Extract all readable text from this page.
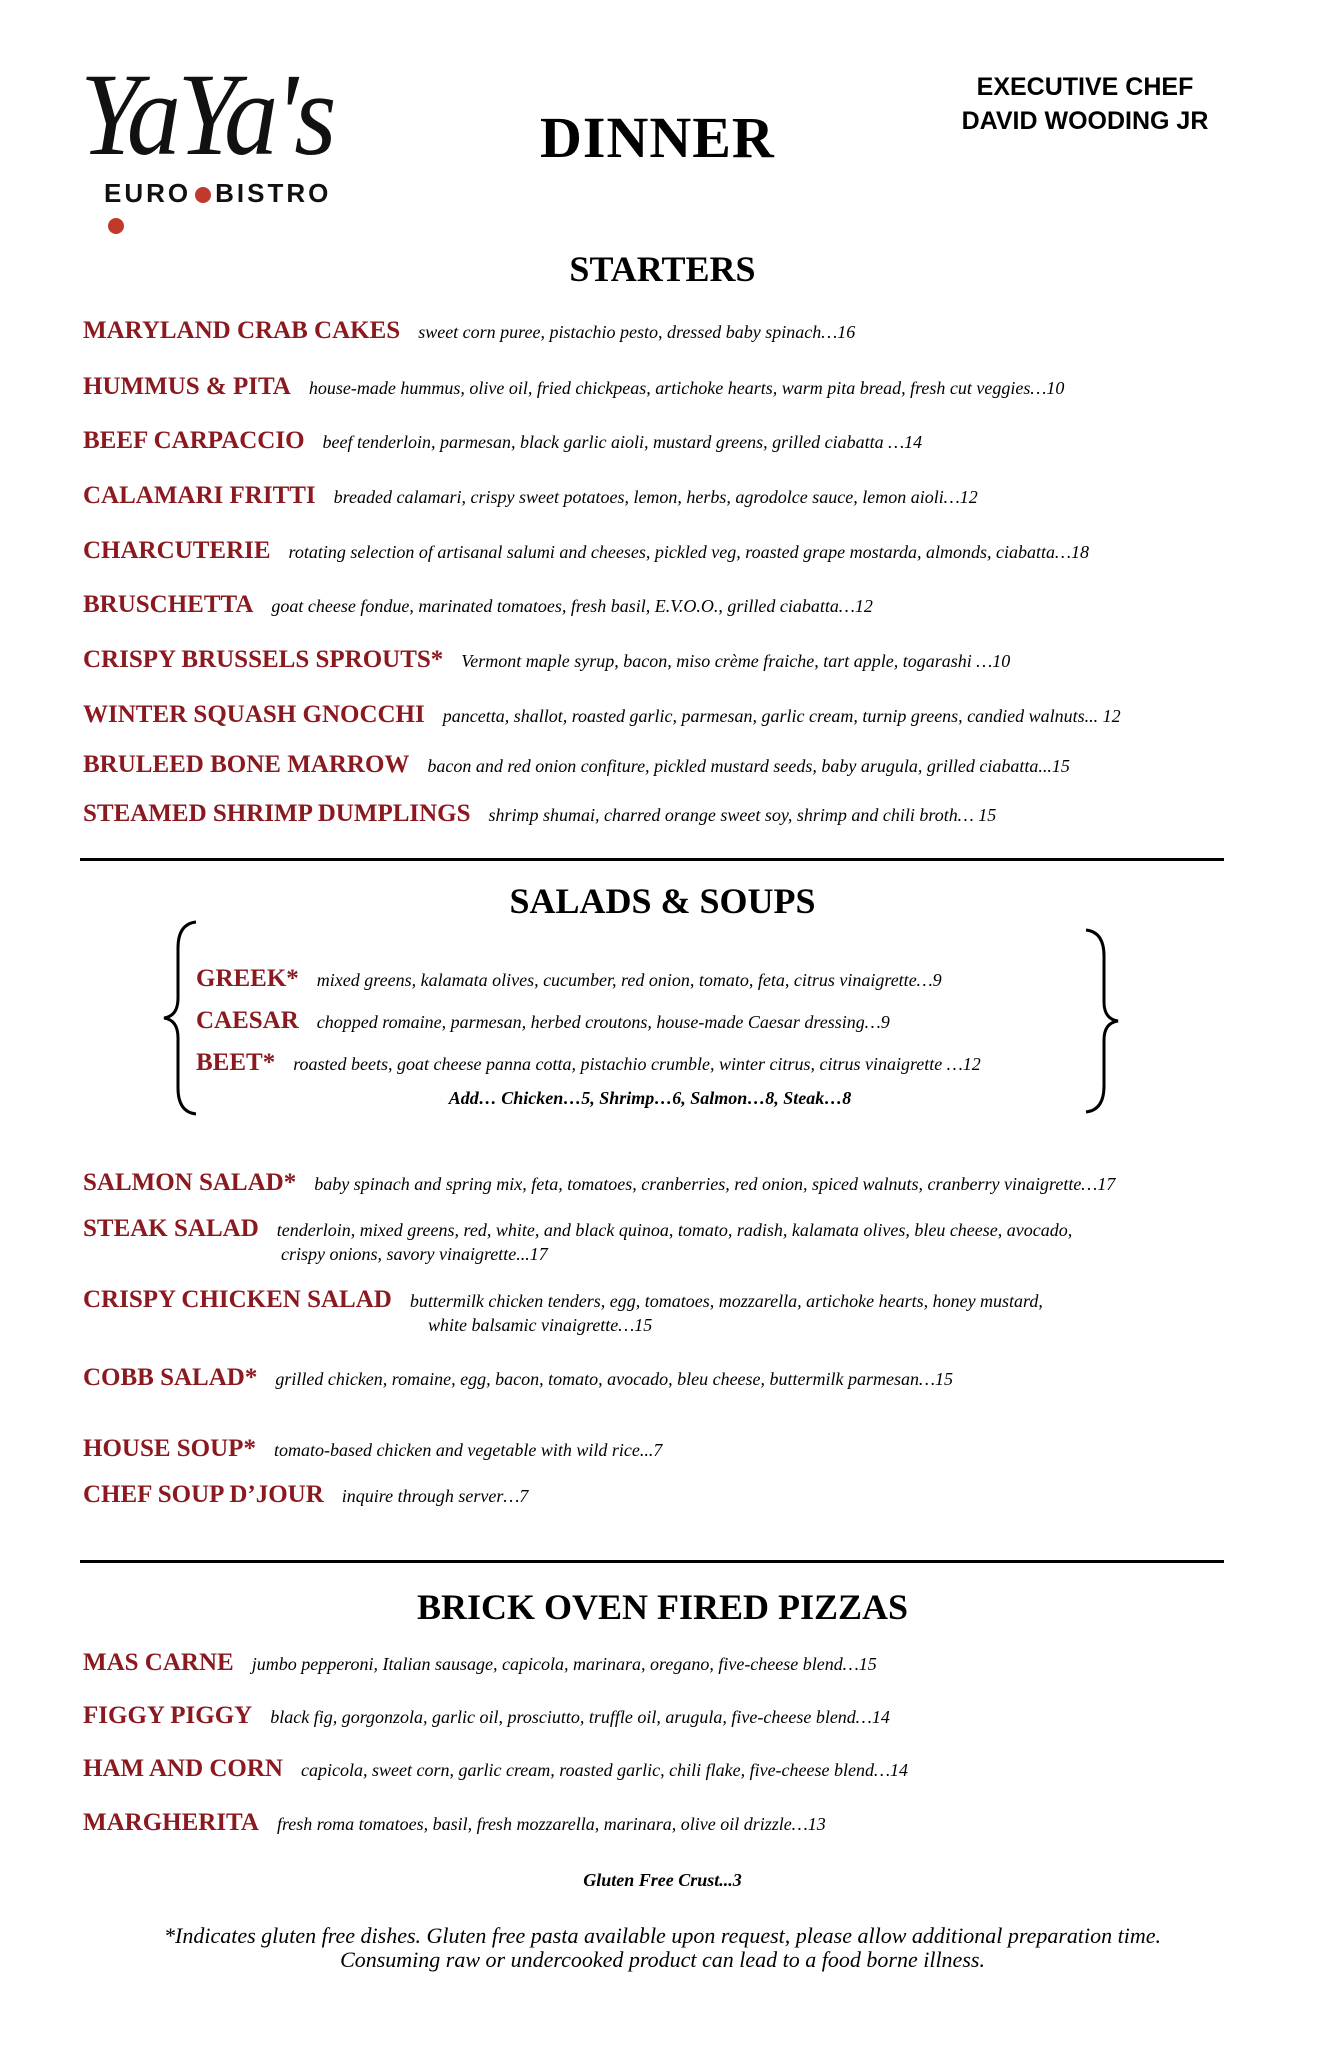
YaYa's
EURO BISTRO
DINNER
EXECUTIVE CHEF
DAVID WOODING JR
STARTERS
MARYLAND CRAB CAKES sweet corn puree, pistachio pesto, dressed baby spinach…16
HUMMUS & PITA house-made hummus, olive oil, fried chickpeas, artichoke hearts, warm pita bread, fresh cut veggies…10
BEEF CARPACCIO beef tenderloin, parmesan, black garlic aioli, mustard greens, grilled ciabatta …14
CALAMARI FRITTI breaded calamari, crispy sweet potatoes, lemon, herbs, agrodolce sauce, lemon aioli…12
CHARCUTERIE rotating selection of artisanal salumi and cheeses, pickled veg, roasted grape mostarda, almonds, ciabatta…18
BRUSCHETTA goat cheese fondue, marinated tomatoes, fresh basil, E.V.O.O., grilled ciabatta…12
CRISPY BRUSSELS SPROUTS* Vermont maple syrup, bacon, miso crème fraiche, tart apple, togarashi …10
WINTER SQUASH GNOCCHI pancetta, shallot, roasted garlic, parmesan, garlic cream, turnip greens, candied walnuts... 12
BRULEED BONE MARROW bacon and red onion confiture, pickled mustard seeds, baby arugula, grilled ciabatta...15
STEAMED SHRIMP DUMPLINGS shrimp shumai, charred orange sweet soy, shrimp and chili broth… 15
SALADS & SOUPS
GREEK* mixed greens, kalamata olives, cucumber, red onion, tomato, feta, citrus vinaigrette…9
CAESAR chopped romaine, parmesan, herbed croutons, house-made Caesar dressing…9
BEET* roasted beets, goat cheese panna cotta, pistachio crumble, winter citrus, citrus vinaigrette …12
Add… Chicken…5, Shrimp…6, Salmon…8, Steak…8
SALMON SALAD* baby spinach and spring mix, feta, tomatoes, cranberries, red onion, spiced walnuts, cranberry vinaigrette…17
STEAK SALAD tenderloin, mixed greens, red, white, and black quinoa, tomato, radish, kalamata olives, bleu cheese, avocado,
crispy onions, savory vinaigrette...17
CRISPY CHICKEN SALAD buttermilk chicken tenders, egg, tomatoes, mozzarella, artichoke hearts, honey mustard,
white balsamic vinaigrette…15
COBB SALAD* grilled chicken, romaine, egg, bacon, tomato, avocado, bleu cheese, buttermilk parmesan…15
HOUSE SOUP* tomato-based chicken and vegetable with wild rice...7
CHEF SOUP D’JOUR inquire through server…7
BRICK OVEN FIRED PIZZAS
MAS CARNE jumbo pepperoni, Italian sausage, capicola, marinara, oregano, five-cheese blend…15
FIGGY PIGGY black fig, gorgonzola, garlic oil, prosciutto, truffle oil, arugula, five-cheese blend…14
HAM AND CORN capicola, sweet corn, garlic cream, roasted garlic, chili flake, five-cheese blend…14
MARGHERITA fresh roma tomatoes, basil, fresh mozzarella, marinara, olive oil drizzle…13
Gluten Free Crust...3
*Indicates gluten free dishes. Gluten free pasta available upon request, please allow additional preparation time.
Consuming raw or undercooked product can lead to a food borne illness.
